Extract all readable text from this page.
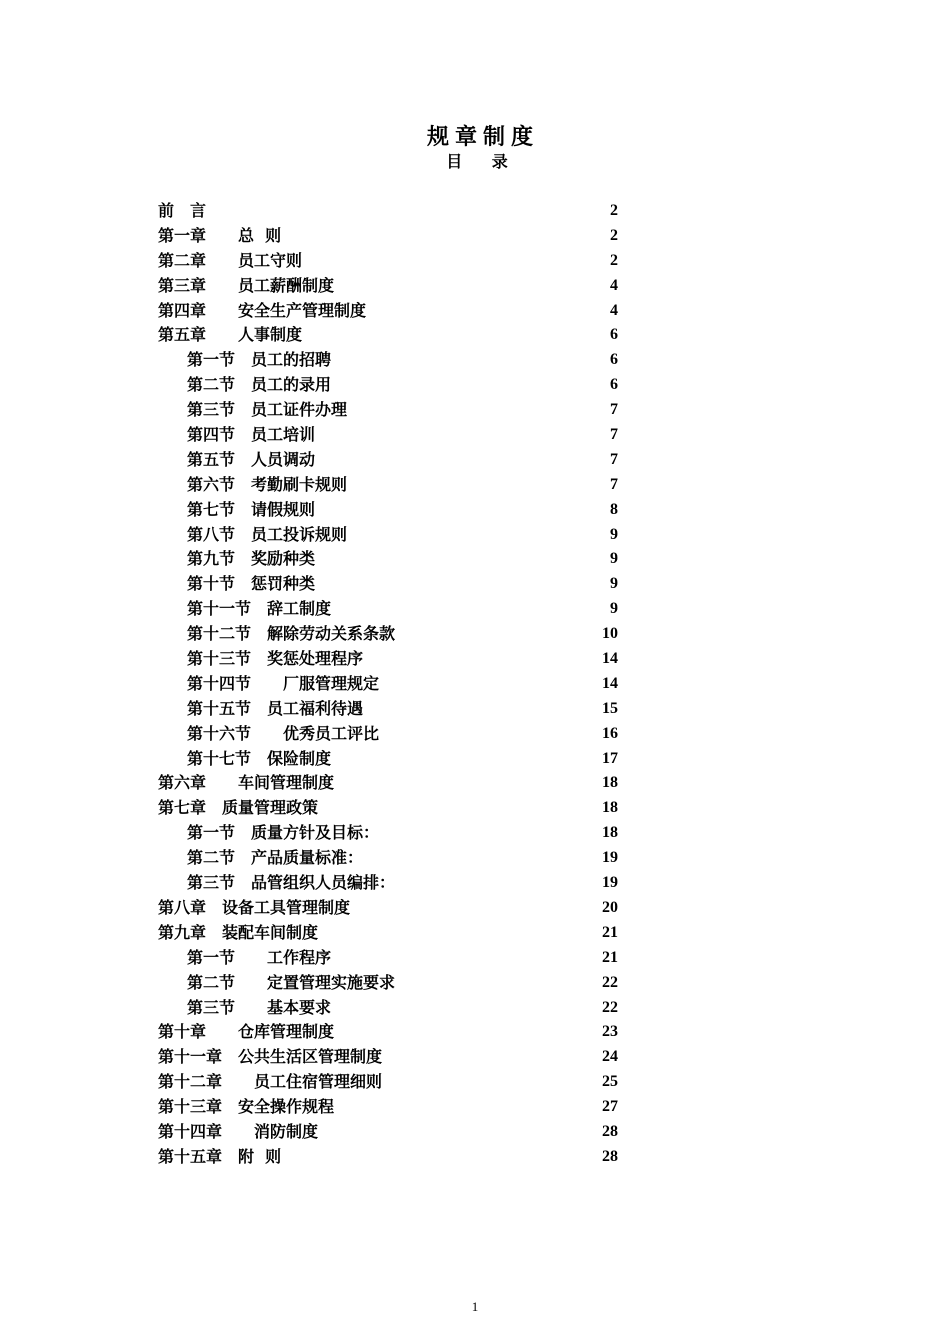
规章制度
目 录
前　言	2
第一章　　总  则	2
第二章　　员工守则	2
第三章　　员工薪酬制度	4
第四章　　安全生产管理制度	4
第五章　　人事制度	6
第一节　员工的招聘	6
第二节　员工的录用	6
第三节　员工证件办理	7
第四节　员工培训	7
第五节　人员调动	7
第六节　考勤刷卡规则	7
第七节　请假规则	8
第八节　员工投诉规则	9
第九节　奖励种类	9
第十节　惩罚种类	9
第十一节　辞工制度	9
第十二节　解除劳动关系条款	10
第十三节　奖惩处理程序	14
第十四节　　厂服管理规定	14
第十五节　员工福利待遇	15
第十六节　　优秀员工评比	16
第十七节　保险制度	17
第六章　　车间管理制度	18
第七章　质量管理政策	18
第一节　质量方针及目标：	18
第二节　产品质量标准：	19
第三节　品管组织人员编排：	19
第八章　设备工具管理制度	20
第九章　装配车间制度	21
第一节　　工作程序	21
第二节　　定置管理实施要求	22
第三节　　基本要求	22
第十章　　仓库管理制度	23
第十一章　公共生活区管理制度	24
第十二章　　员工住宿管理细则	25
第十三章　安全操作规程	27
第十四章　　消防制度	28
第十五章　附  则	28
1
